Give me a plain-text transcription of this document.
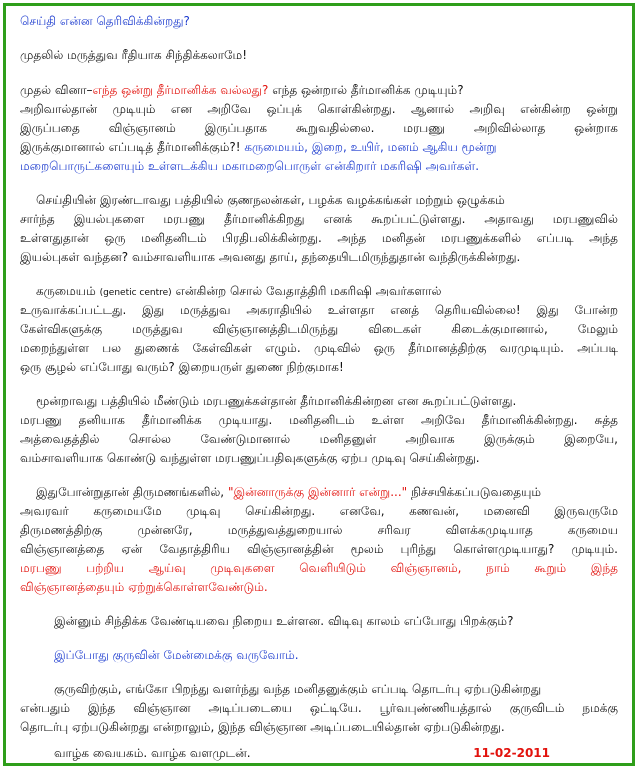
செய்தி என்ன தெரிவிக்கின்றது?
முதலில் மருத்துவ ரீதியாக சிந்திக்கலாமே!
முதல் வினா–எந்த ஒன்று தீர்மானிக்க வல்லது? எந்த ஒன்றால் தீர்மானிக்க முடியும்?
அறிவால்தான் முடியும் என அறிவே ஒப்புக் கொள்கின்றது. ஆனால் அறிவு என்கின்ற ஒன்று
இருப்பதை விஞ்ஞானம் இருப்பதாக கூறுவதில்லை. மரபணு அறிவில்லாத ஒன்றாக
இருக்குமானால் எப்படித் தீர்மானிக்கும்?! கருமையம், இறை, உயிர், மனம் ஆகிய மூன்று
மறைபொருட்களையும் உள்ளடக்கிய மகாமறைபொருள் என்கிறார் மகரிஷி அவர்கள்.
செய்தியின் இரண்டாவது பத்தியில் குணநலன்கள், பழக்க வழக்கங்கள் மற்றும் ஒழுக்கம்
சார்ந்த இயல்புகளை மரபணு தீர்மானிக்கிறது எனக் கூறப்பட்டுள்ளது. அதாவது மரபணுவில்
உள்ளதுதான் ஒரு மனிதனிடம் பிரதிபலிக்கின்றது. அந்த மனிதன் மரபணுக்களில் எப்படி அந்த
இயல்புகள் வந்தன? வம்சாவளியாக அவனது தாய், தந்தையிடமிருந்துதான் வந்திருக்கின்றது.
கருமையம் (genetic centre) என்கின்ற சொல் வேதாத்திரி மகரிஷி அவர்களால்
உருவாக்கப்பட்டது. இது மருத்துவ அகராதியில் உள்ளதா எனத் தெரியவில்லை! இது போன்ற
கேள்விகளுக்கு மருத்துவ விஞ்ஞானத்திடமிருந்து விடைகள் கிடைக்குமானால், மேலும்
மறைந்துள்ள பல துணைக் கேள்விகள் எழும். முடிவில் ஒரு தீர்மானத்திற்கு வரமுடியும். அப்படி
ஒரு சூழல் எப்போது வரும்? இறையருள் துணை நிற்குமாக!
மூன்றாவது பத்தியில் மீண்டும் மரபணுக்கள்தான் தீர்மானிக்கின்றன என கூறப்பட்டுள்ளது.
மரபணு தனியாக தீர்மானிக்க முடியாது. மனிதனிடம் உள்ள அறிவே தீர்மானிக்கின்றது. சுத்த
அத்வைதத்தில் சொல்ல வேண்டுமானால் மனிதனுள் அறிவாக இருக்கும் இறையே,
வம்சாவளியாக கொண்டு வந்துள்ள மரபணுப்பதிவுகளுக்கு ஏற்ப முடிவு செய்கின்றது.
இதுபோன்றுதான் திருமணங்களில், "இன்னாருக்கு இன்னார் என்று..." நிச்சயிக்கப்படுவதையும்
அவரவர் கருமையமே முடிவு செய்கின்றது. எனவே, கணவன், மனைவி இருவருமே
திருமணத்திற்கு முன்னரே, மருத்துவத்துறையால் சரிவர விளக்கமுடியாத கருமைய
விஞ்ஞானத்தை ஏன் வேதாத்திரிய விஞ்ஞானத்தின் மூலம் புரிந்து கொள்ளமுடியாது? முடியும்.
மரபணு பற்றிய ஆய்வு முடிவுகளை வெளியிடும் விஞ்ஞானம், நாம் கூறும் இந்த
விஞ்ஞானத்தையும் ஏற்றுக்கொள்ளவேண்டும்.
இன்னும் சிந்திக்க வேண்டியவை நிறைய உள்ளன. விடிவு காலம் எப்போது பிறக்கும்?
இப்போது குருவின் மேன்மைக்கு வருவோம்.
குருவிற்கும், எங்கோ பிறந்து வளர்ந்து வந்த மனிதனுக்கும் எப்படி தொடர்பு ஏற்படுகின்றது
என்பதும் இந்த விஞ்ஞான அடிப்படையை ஒட்டியே. பூர்வபுண்ணியத்தால் குருவிடம் நமக்கு
தொடர்பு ஏற்படுகின்றது என்றாலும், இந்த விஞ்ஞான அடிப்படையில்தான் ஏற்படுகின்றது.
வாழ்க வையகம். வாழ்க வளமுடன்.	11-02-2011
